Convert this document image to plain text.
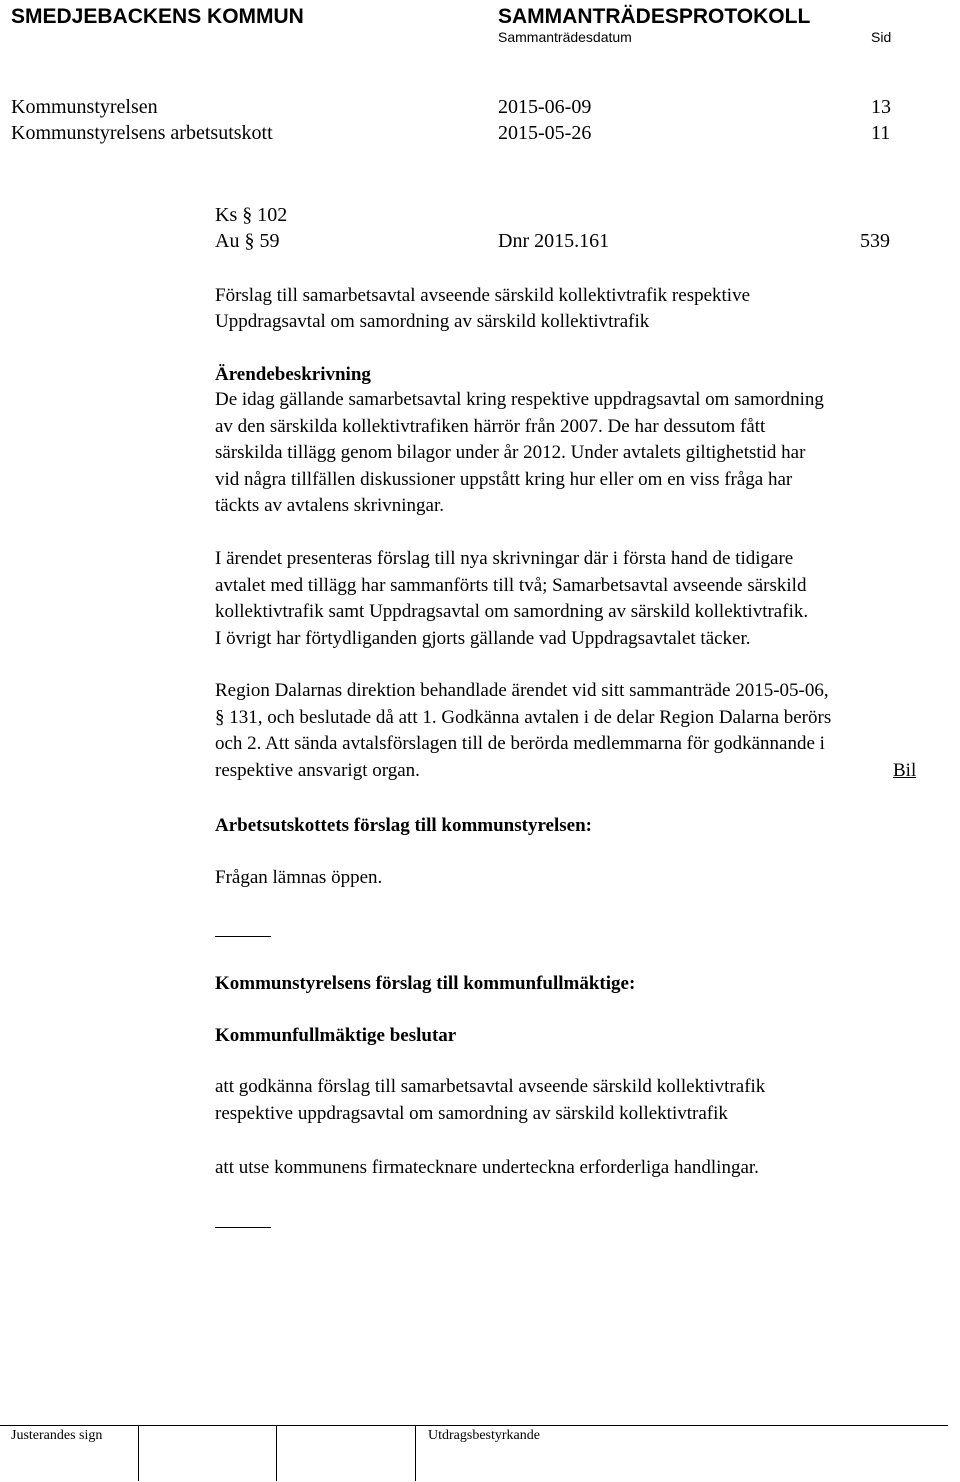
SMEDJEBACKENS KOMMUN	SAMMANTRÄDESPROTOKOLL
Sammanträdesdatum	Sid
Kommunstyrelsen	2015-06-09	13
Kommunstyrelsens arbetsutskott	2015-05-26	11
Ks § 102
Au § 59	Dnr 2015.161	539
Förslag till samarbetsavtal avseende särskild kollektivtrafik respektive
Uppdragsavtal om samordning av särskild kollektivtrafik
Ärendebeskrivning

De idag gällande samarbetsavtal kring respektive uppdragsavtal om samordning

av den särskilda kollektivtrafiken härrör från 2007. De har dessutom fått

särskilda tillägg genom bilagor under år 2012. Under avtalets giltighetstid har

vid några tillfällen diskussioner uppstått kring hur eller om en viss fråga har

täckts av avtalens skrivningar.

I ärendet presenteras förslag till nya skrivningar där i första hand de tidigare

avtalet med tillägg har sammanförts till två; Samarbetsavtal avseende särskild

kollektivtrafik samt Uppdragsavtal om samordning av särskild kollektivtrafik.

I övrigt har förtydliganden gjorts gällande vad Uppdragsavtalet täcker.

Region Dalarnas direktion behandlade ärendet vid sitt sammanträde 2015-05-06,

§ 131, och beslutade då att 1. Godkänna avtalen i de delar Region Dalarna berörs

och 2. Att sända avtalsförslagen till de berörda medlemmarna för godkännande i

respektive ansvarigt organ.	Bil

Arbetsutskottets förslag till kommunstyrelsen:
Frågan lämnas öppen.
Kommunstyrelsens förslag till kommunfullmäktige:
Kommunfullmäktige beslutar

att godkänna förslag till samarbetsavtal avseende särskild kollektivtrafik

respektive uppdragsavtal om samordning av särskild kollektivtrafik

att utse kommunens firmatecknare underteckna erforderliga handlingar.
Justerandes sign	Utdragsbestyrkande
